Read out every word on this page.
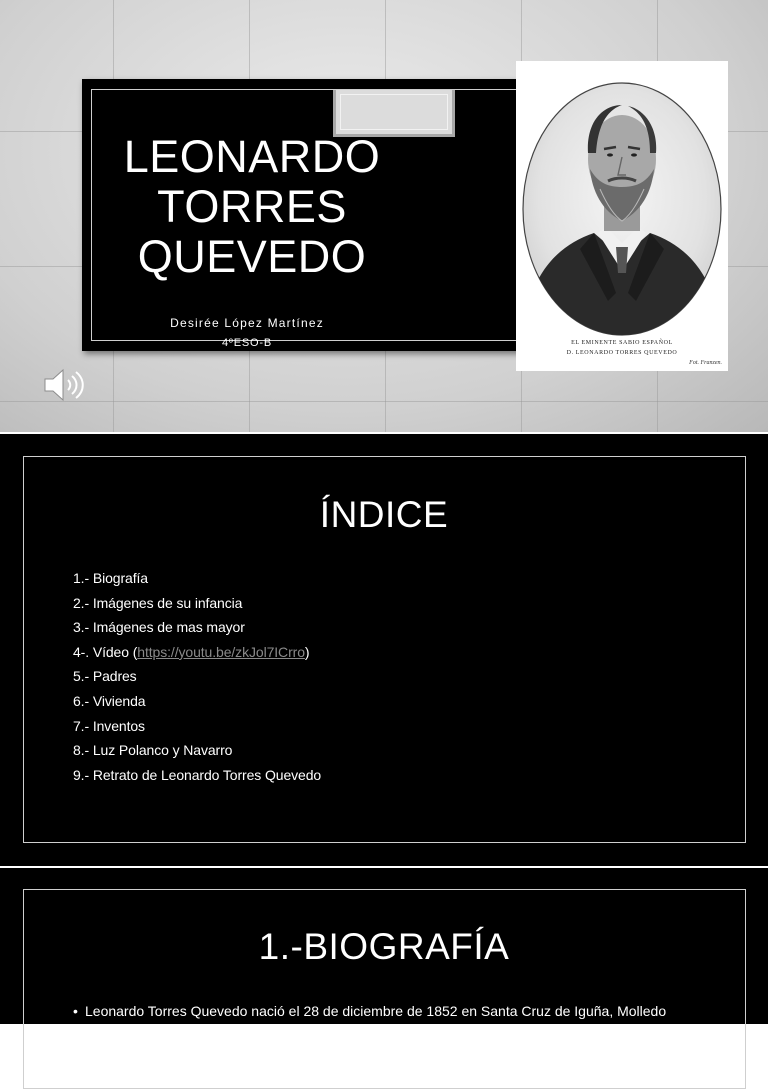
LEONARDO
TORRES
QUEVEDO
Desirée López Martínez
4ºESO-B	EL EMINENTE SABIO ESPAÑOL
D. LEONARDO TORRES QUEVEDO
Fot. Franzen.
ÍNDICE
1.- Biografía
2.- Imágenes de su infancia
3.- Imágenes de mas mayor
4-. Vídeo (https://youtu.be/zkJol7ICrro)
5.- Padres
6.- Vivienda
7.- Inventos
8.- Luz Polanco y Navarro
9.- Retrato de Leonardo Torres Quevedo
1.-BIOGRAFÍA
• Leonardo Torres Quevedo nació el 28 de diciembre de 1852 en Santa Cruz de Iguña, Molledo (Cantabria).
